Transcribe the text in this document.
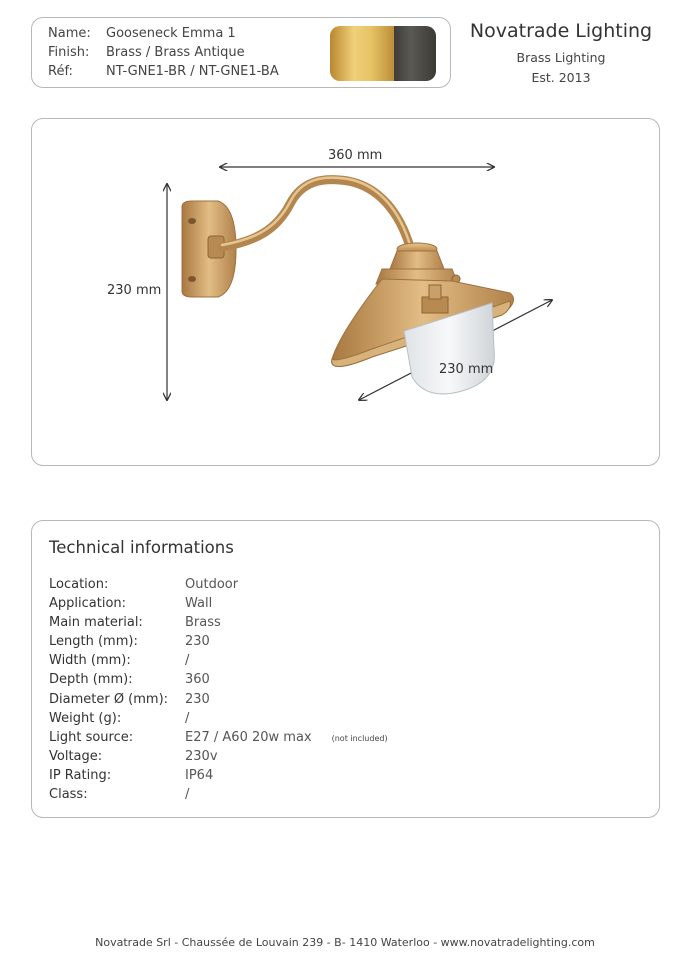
Name: Gooseneck Emma 1
Finish: Brass / Brass Antique
Réf:	NT-GNE1-BR / NT-GNE1-BA
Novatrade Lighting
Brass Lighting
Est. 2013
360 mm
230 mm
230 mm
Technical informations
Location:	Outdoor
Application:	Wall
Main material:	Brass
Length (mm):	230
Width (mm):	/
Depth (mm):	360
Diameter Ø (mm): 230
Weight (g):	/
Light source:	E27 / A60 20w max	(not included)
Voltage:	230v
IP Rating:	IP64
Class:	/
Novatrade Srl - Chaussée de Louvain 239 - B- 1410 Waterloo - www.novatradelighting.com
